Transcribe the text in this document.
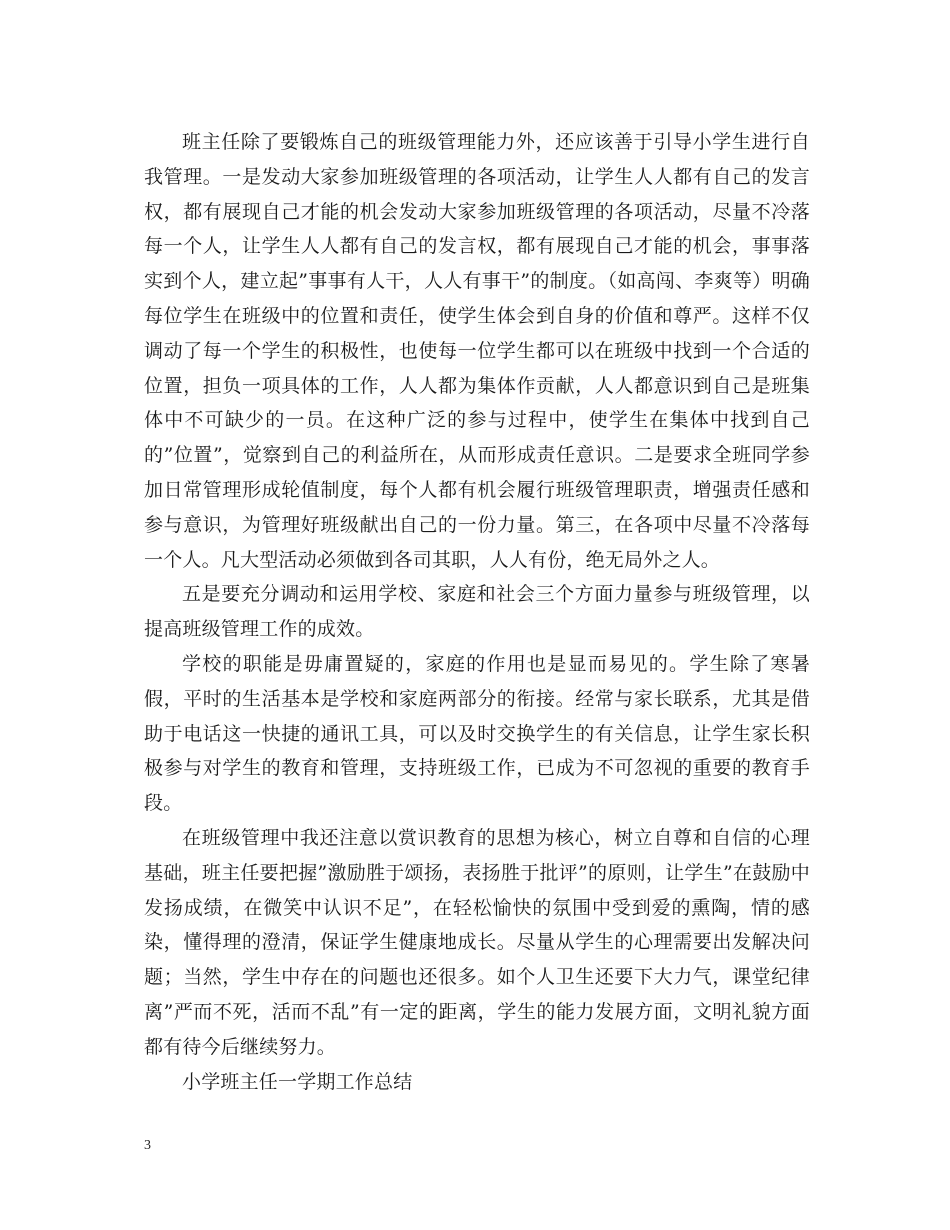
班主任除了要锻炼自己的班级管理能力外，还应该善于引导小学生进行自我管理。一是发动大家参加班级管理的各项活动，让学生人人都有自己的发言权，都有展现自己才能的机会发动大家参加班级管理的各项活动，尽量不冷落每一个人，让学生人人都有自己的发言权，都有展现自己才能的机会，事事落实到个人，建立起”事事有人干，人人有事干”的制度。（如高闯、李爽等）明确每位学生在班级中的位置和责任，使学生体会到自身的价值和尊严。这样不仅调动了每一个学生的积极性，也使每一位学生都可以在班级中找到一个合适的位置，担负一项具体的工作，人人都为集体作贡献，人人都意识到自己是班集体中不可缺少的一员。在这种广泛的参与过程中，使学生在集体中找到自己的”位置”，觉察到自己的利益所在，从而形成责任意识。二是要求全班同学参加日常管理形成轮值制度，每个人都有机会履行班级管理职责，增强责任感和参与意识，为管理好班级献出自己的一份力量。第三，在各项中尽量不冷落每一个人。凡大型活动必须做到各司其职，人人有份，绝无局外之人。

五是要充分调动和运用学校、家庭和社会三个方面力量参与班级管理，以提高班级管理工作的成效。

学校的职能是毋庸置疑的，家庭的作用也是显而易见的。学生除了寒暑假，平时的生活基本是学校和家庭两部分的衔接。经常与家长联系，尤其是借助于电话这一快捷的通讯工具，可以及时交换学生的有关信息，让学生家长积极参与对学生的教育和管理，支持班级工作，已成为不可忽视的重要的教育手段。

在班级管理中我还注意以赏识教育的思想为核心，树立自尊和自信的心理基础，班主任要把握”激励胜于颂扬，表扬胜于批评”的原则，让学生”在鼓励中发扬成绩，在微笑中认识不足”，在轻松愉快的氛围中受到爱的熏陶，情的感染，懂得理的澄清，保证学生健康地成长。尽量从学生的心理需要出发解决问题；当然，学生中存在的问题也还很多。如个人卫生还要下大力气，课堂纪律离”严而不死，活而不乱”有一定的距离，学生的能力发展方面，文明礼貌方面都有待今后继续努力。

小学班主任一学期工作总结

3
